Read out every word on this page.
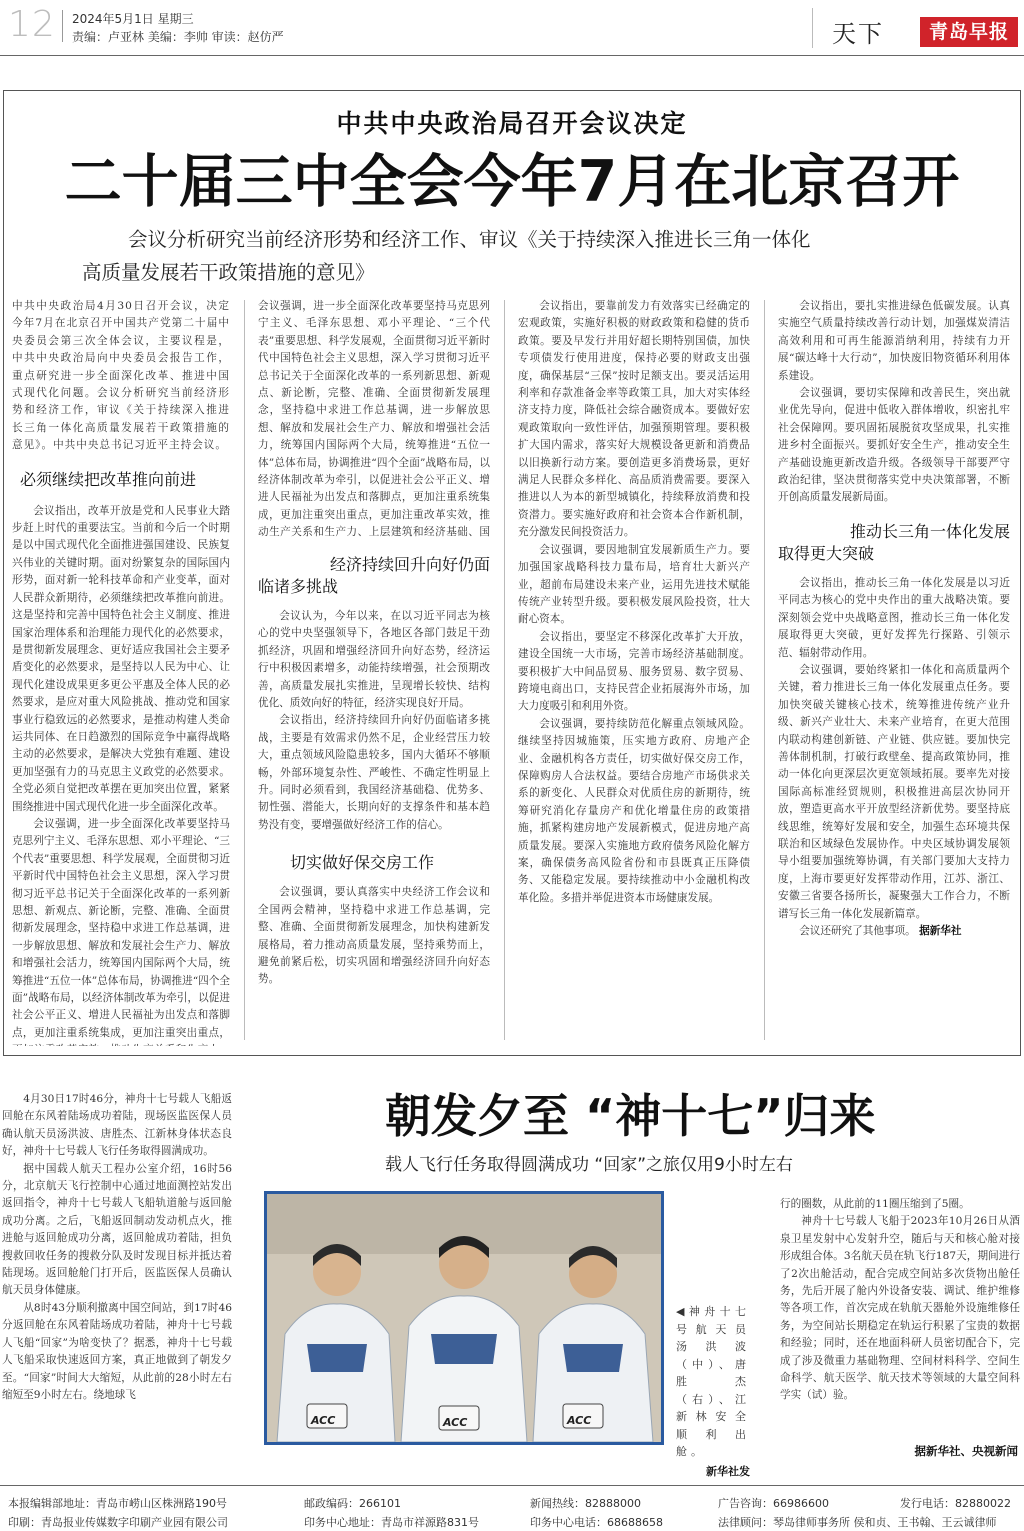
12 2024年5月1日 星期三
责编：卢亚林 美编：李帅 审读：赵仿严	天下	青岛早报
中共中央政治局召开会议决定
二十届三中全会今年7月在北京召开
会议分析研究当前经济形势和经济工作、审议《关于持续深入推进长三角一体化
高质量发展若干政策措施的意见》
中共中央政治局4月30日召开会议，决定今年7月在北京召开中国共产党第二十届中央委员会第三次全体会议，主要议程是，中共中央政治局向中央委员会报告工作，重点研究进一步全面深化改革、推进中国式现代化问题。会议分析研究当前经济形势和经济工作，审议《关于持续深入推进长三角一体化高质量发展若干政策措施的意见》。中共中央总书记习近平主持会议。
必须继续把改革推向前进

会议指出，改革开放是党和人民事业大踏步赶上时代的重要法宝。当前和今后一个时期是以中国式现代化全面推进强国建设、民族复兴伟业的关键时期。面对纷繁复杂的国际国内形势，面对新一轮科技革命和产业变革，面对人民群众新期待，必须继续把改革推向前进。这是坚持和完善中国特色社会主义制度、推进国家治理体系和治理能力现代化的必然要求，是贯彻新发展理念、更好适应我国社会主要矛盾变化的必然要求，是坚持以人民为中心、让现代化建设成果更多更公平惠及全体人民的必然要求，是应对重大风险挑战、推动党和国家事业行稳致远的必然要求，是推动构建人类命运共同体、在日趋激烈的国际竞争中赢得战略主动的必然要求，是解决大党独有难题、建设更加坚强有力的马克思主义政党的必然要求。全党必须自觉把改革摆在更加突出位置，紧紧围绕推进中国式现代化进一步全面深化改革。

会议强调，进一步全面深化改革要坚持马克思列宁主义、毛泽东思想、邓小平理论、“三个代表”重要思想、科学发展观，全面贯彻习近平新时代中国特色社会主义思想，深入学习贯彻习近平总书记关于全面深化改革的一系列新思想、新观点、新论断，完整、准确、全面贯彻新发展理念，坚持稳中求进工作总基调，进一步解放思想、解放和发展社会生产力、解放和增强社会活力，统筹国内国际两个大局，统筹推进“五位一体”总体布局，协调推进“四个全面”战略布局，以经济体制改革为牵引，以促进社会公平正义、增进人民福祉为出发点和落脚点，更加注重系统集成，更加注重突出重点，

会议强调，进一步全面深化改革要坚持马克思列宁主义、毛泽东思想、邓小平理论、“三个代表”重要思想、科学发展观，全面贯彻习近平新时代中国特色社会主义思想，深入学习贯彻习近平总书记关于全面深化改革的一系列新思想、新观点、新论断，完整、准确、全面贯彻新发展理念，坚持稳中求进工作总基调，进一步解放思想、解放和发展社会生产力、解放和增强社会活力，统筹国内国际两个大局，统筹推进“五位一体”总体布局，协调推进“四个全面”战略布局，以经济体制改革为牵引，以促进社会公平正义、增进人民福祉为出发点和落脚点，更加注重系统集成，更加注重突出重点，更加注重改革实效，推动生产关系和生产力、上层建筑和经济基础、国

经济持续回升向好仍面
临诸多挑战

会议认为，今年以来，在以习近平同志为核心的党中央坚强领导下，各地区各部门鼓足干劲抓经济，巩固和增强经济回升向好态势，经济运行中积极因素增多，动能持续增强，社会预期改善，高质量发展扎实推进，呈现增长较快、结构优化、质效向好的特征，经济实现良好开局。

会议指出，经济持续回升向好仍面临诸多挑战，主要是有效需求仍然不足，企业经营压力较大，重点领域风险隐患较多，国内大循环不够顺畅，外部环境复杂性、严峻性、不确定性明显上升。同时必须看到，我国经济基础稳、优势多、韧性强、潜能大，长期向好的支撑条件和基本趋势没有变，要增强做好经济工作的信心。

切实做好保交房工作

会议强调，要认真落实中央经济工作会议和全国两会精神，坚持稳中求进工作总基调，完整、准确、全面贯彻新发展理念，加快构建新发展格局，着力推动高质量发展，坚持乘势而上，避免前紧后松，切实巩固和增强经济回升向好态势。

会议指出，要靠前发力有效落实已经确定的宏观政策，实施好积极的财政政策和稳健的货币政策。要及早发行并用好超长期特别国债，加快专项债发行使用进度，保持必要的财政支出强度，确保基层“三保”按时足额支出。要灵活运用利率和存款准备金率等政策工具，加大对实体经济支持力度，降低社会综合融资成本。要做好宏观政策取向一致性评估，加强预期管理。要积极扩大国内需求，落实好大规模设备更新和消费品以旧换新行动方案。要创造更多消费场景，更好满足人民群众多样化、高品质消费需要。要深入推进以人为本的新型城镇化，持续释放消费和投资潜力。要实施好政府和社会资本合作新机制，充分激发民间投资活力。

会议强调，要因地制宜发展新质生产力。要加强国家战略科技力量布局，培育壮大新兴产业，超前布局建设未来产业，运用先进技术赋能传统产业转型升级。要积极发展风险投资，壮大耐心资本。

会议指出，要坚定不移深化改革扩大开放，建设全国统一大市场，完善市场经济基础制度。要积极扩大中间品贸易、服务贸易、数字贸易、跨境电商出口，支持民营企业拓展海外市场，加大力度吸引和利用外资。

会议强调，要持续防范化解重点领域风险。继续坚持因城施策，压实地方政府、房地产企业、金融机构各方责任，切实做好保交房工作，保障购房人合法权益。要结合房地产市场供求关系的新变化、人民群众对优质住房的新期待，统筹研究消化存量房产和优化增量住房的政策措施，抓紧构建房地产发展新模式，促进房地产高质量发展。要深入实施地方政府债务风险化解方案，确保债务高风险省份和市县既真正压降债务、又能稳定发展。要持续推动中小金融机构改革化险。多措并举促进资本市场健康发展。

会议指出，要扎实推进绿色低碳发展。认真实施空气质量持续改善行动计划，加强煤炭清洁高效利用和可再生能源消纳利用，持续有力开展“碳达峰十大行动”，加快废旧物资循环利用体系建设。

会议强调，要切实保障和改善民生，突出就业优先导向，促进中低收入群体增收，织密扎牢社会保障网。要巩固拓展脱贫攻坚成果，扎实推进乡村全面振兴。要抓好安全生产，推动安全生产基础设施更新改造升级。各级领导干部要严守政治纪律，坚决贯彻落实党中央决策部署，不断开创高质量发展新局面。

推动长三角一体化发展
取得更大突破

会议指出，推动长三角一体化发展是以习近平同志为核心的党中央作出的重大战略决策。要深刻领会党中央战略意图，推动长三角一体化发展取得更大突破，更好发挥先行探路、引领示范、辐射带动作用。

会议强调，要始终紧扣一体化和高质量两个关键，着力推进长三角一体化发展重点任务。要加快突破关键核心技术，统筹推进传统产业升级、新兴产业壮大、未来产业培育，在更大范围内联动构建创新链、产业链、供应链。要加快完善体制机制，打破行政壁垒、提高政策协同，推动一体化向更深层次更宽领域拓展。要率先对接国际高标准经贸规则，积极推进高层次协同开放，塑造更高水平开放型经济新优势。要坚持底线思维，统筹好发展和安全，加强生态环境共保联治和区域绿色发展协作。中央区域协调发展领导小组要加强统筹协调，有关部门要加大支持力度，上海市要更好发挥带动作用，江苏、浙江、安徽三省要各扬所长，凝聚强大工作合力，不断谱写长三角一体化发展新篇章。

会议还研究了其他事项。 据新华社

朝发夕至 “神十七”归来
载人飞行任务取得圆满成功 “回家”之旅仅用9小时左右

4月30日17时46分，神舟十七号载人飞船返回舱在东风着陆场成功着陆，现场医监医保人员确认航天员汤洪波、唐胜杰、江新林身体状态良好，神舟十七号载人飞行任务取得圆满成功。

据中国载人航天工程办公室介绍，16时56分，北京航天飞行控制中心通过地面测控站发出返回指令，神舟十七号载人飞船轨道舱与返回舱成功分离。之后，飞船返回制动发动机点火，推进舱与返回舱成功分离，返回舱成功着陆，担负搜救回收任务的搜救分队及时发现目标并抵达着陆现场。返回舱舱门打开后，医监医保人员确认航天员身体健康。

从8时43分顺利撤离中国空间站，到17时46分返回舱在东风着陆场成功着陆，神舟十七号载人飞船“回家”为啥变快了？据悉，神舟十七号载人飞船采取快速返回方案，真正地做到了朝发夕至。“回家”时间大大缩短，从此前的28小时左右缩短至9小时左右。绕地球飞

ACC	ACC	ACC
◀神舟十七号航天员汤洪波（中）、唐胜杰（右）、江新林安全顺利出舱。
新华社发

行的圈数，从此前的11圈压缩到了5圈。

神舟十七号载人飞船于2023年10月26日从酒泉卫星发射中心发射升空，随后与天和核心舱对接形成组合体。3名航天员在轨飞行187天，期间进行了2次出舱活动，配合完成空间站多次货物出舱任务，先后开展了舱内外设备安装、调试、维护维修等各项工作，首次完成在轨航天器舱外设施维修任务，为空间站长期稳定在轨运行积累了宝贵的数据和经验；同时，还在地面科研人员密切配合下，完成了涉及微重力基础物理、空间材料科学、空间生命科学、航天医学、航天技术等领域的大量空间科学实（试）验。

据新华社、央视新闻
本报编辑部地址：青岛市崂山区株洲路190号	邮政编码：266101	新闻热线：82888000	广告咨询：66986600	发行电话：82880022
印刷：青岛报业传媒数字印刷产业园有限公司	印务中心地址：青岛市祥源路831号	印务中心电话：68688658	法律顾问：琴岛律师事务所 侯和贞、王书翰、王云诚律师
